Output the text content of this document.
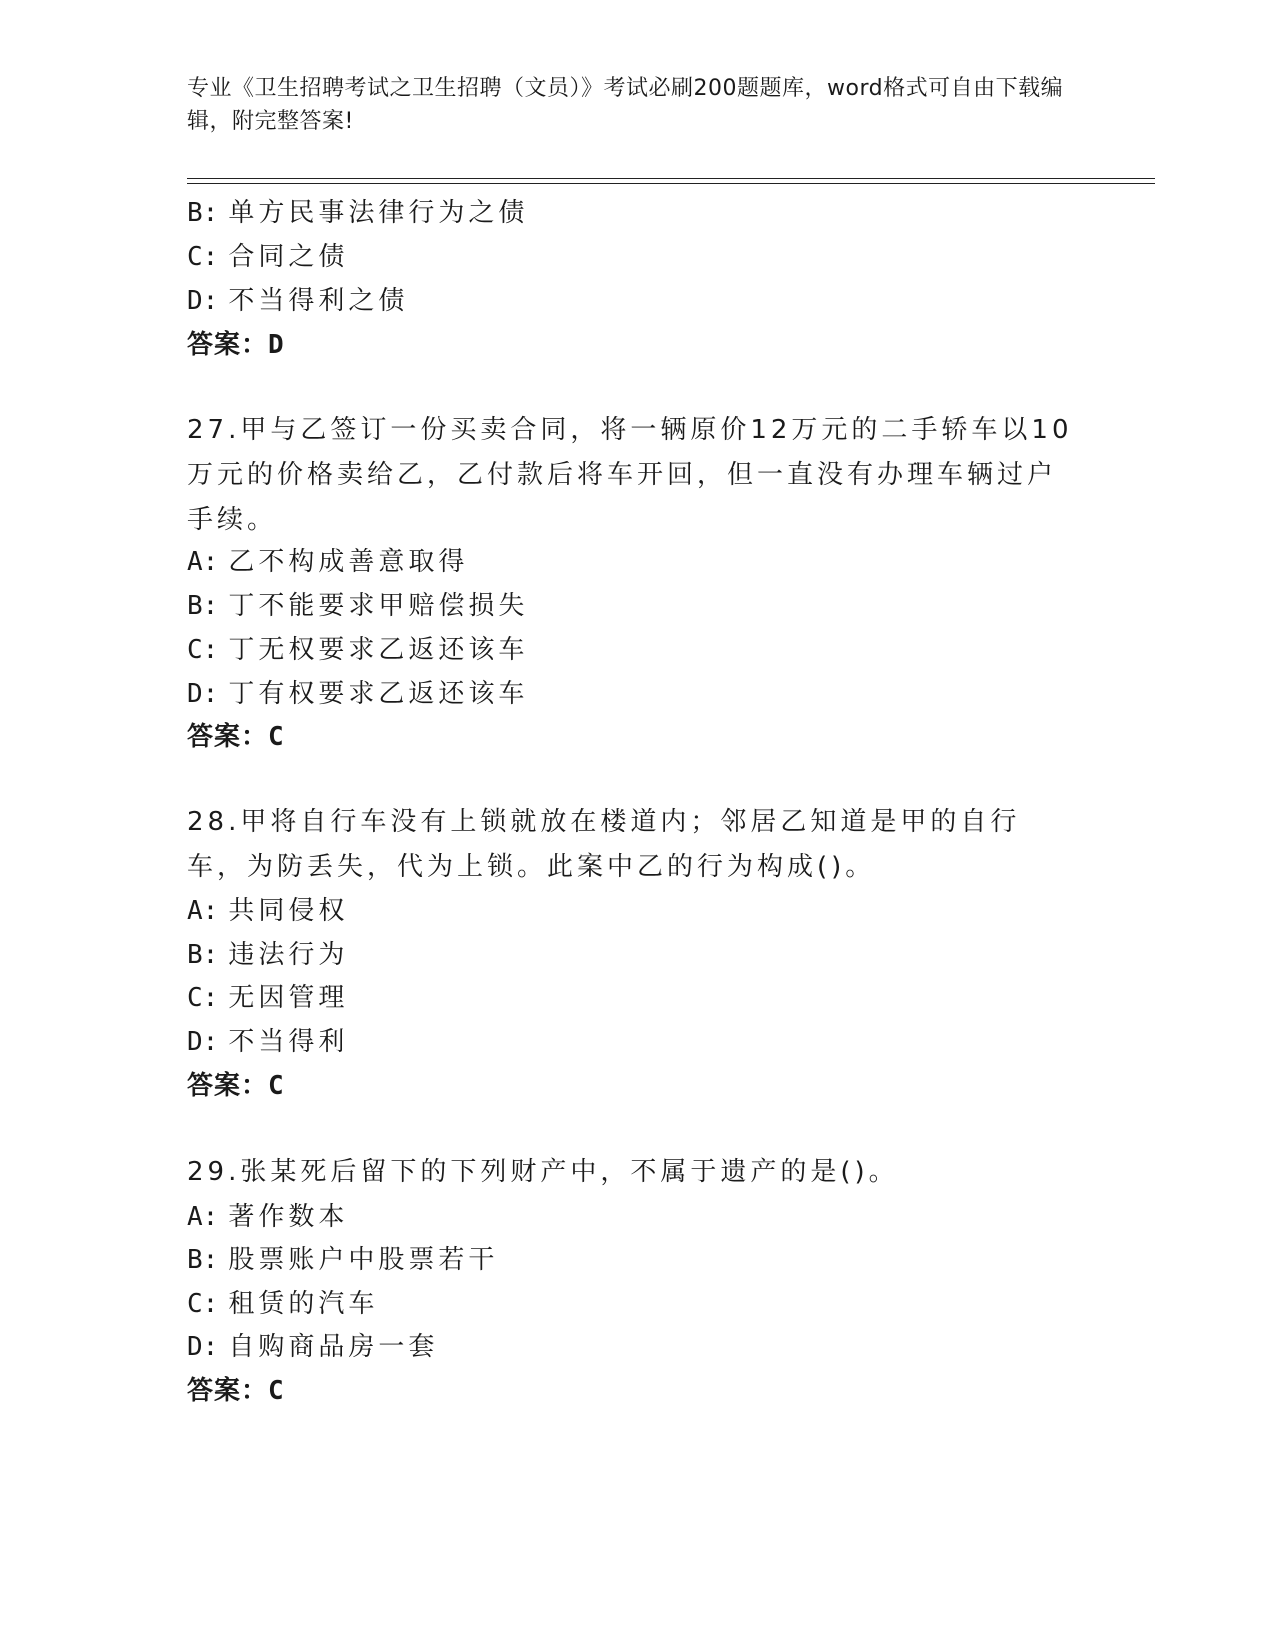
专业《卫生招聘考试之卫生招聘（文员）》考试必刷200题题库，word格式可自由下载编辑，附完整答案!
B: 单方民事法律行为之债
C: 合同之债
D: 不当得利之债
答案：D
27.甲与乙签订一份买卖合同，将一辆原价12万元的二手轿车以10万元的价格卖给乙，乙付款后将车开回，但一直没有办理车辆过户手续。
A: 乙不构成善意取得
B: 丁不能要求甲赔偿损失
C: 丁无权要求乙返还该车
D: 丁有权要求乙返还该车
答案：C
28.甲将自行车没有上锁就放在楼道内；邻居乙知道是甲的自行车，为防丢失，代为上锁。此案中乙的行为构成()。
A: 共同侵权
B: 违法行为
C: 无因管理
D: 不当得利
答案：C
29.张某死后留下的下列财产中，不属于遗产的是()。
A: 著作数本
B: 股票账户中股票若干
C: 租赁的汽车
D: 自购商品房一套
答案：C
